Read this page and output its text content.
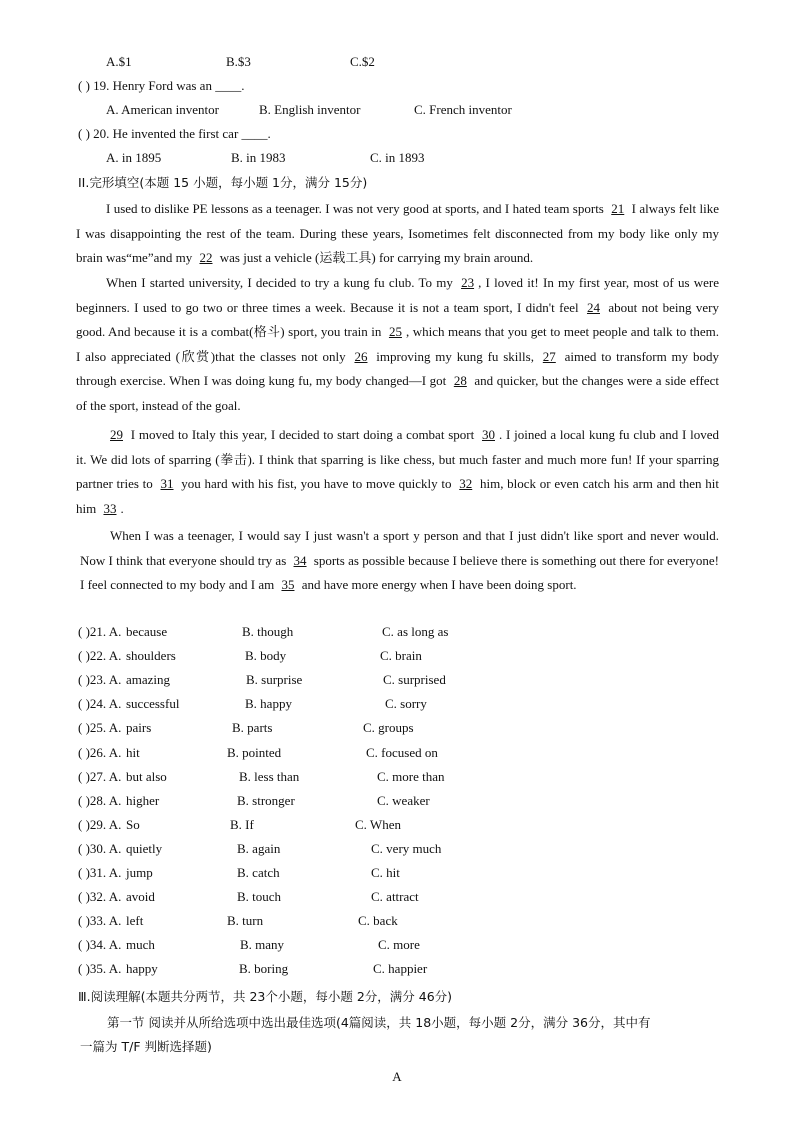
A.$1	B.$3	C.$2
( ) 19. Henry Ford was an ____.
A. American inventor	B. English inventor	C. French inventor
( ) 20. He invented the first car ____.
A. in 1895	B. in 1983	C. in 1893
II.完形填空(本题 15 小题，每小题 1分，满分 15分)
I used to dislike PE lessons as a teenager. I was not very good at sports, and I hated team sports 21 I always felt like I was disappointing the rest of the team. During these years, Isometimes felt disconnected from my body like only my brain was“me”and my 22 was just a vehicle (运载工具) for carrying my brain around.
When I started university, I decided to try a kung fu club. To my 23 , I loved it! In my first year, most of us were beginners. I used to go two or three times a week. Because it is not a team sport, I didn't feel 24 about not being very good. And because it is a combat(格斗) sport, you train in 25 , which means that you get to meet people and talk to them. I also appreciated (欣赏)that the classes not only 26 improving my kung fu skills, 27 aimed to transform my body through exercise. When I was doing kung fu, my body changed—I got 28 and quicker, but the changes were a side effect of the sport, instead of the goal.
29 I moved to Italy this year, I decided to start doing a combat sport 30 . I joined a local kung fu club and I loved it. We did lots of sparring (拳击). I think that sparring is like chess, but much faster and much more fun! If your sparring partner tries to 31 you hard with his fist, you have to move quickly to 32 him, block or even catch his arm and then hit him 33 .
When I was a teenager, I would say I just wasn't a sport y person and that I just didn't like sport and never would. Now I think that everyone should try as 34 sports as possible because I believe there is something out there for everyone! I feel connected to my body and I am 35 and have more energy when I have been doing sport.
( )21. A. because	B. though	C. as long as
( )22. A. shoulders	B. body	C. brain
( )23. A. amazing	B. surprise	C. surprised
( )24. A. successful	B. happy	C. sorry
( )25. A. pairs	B. parts	C. groups
( )26. A. hit	B. pointed	C. focused on
( )27. A. but also	B. less than	C. more than
( )28. A. higher	B. stronger	C. weaker
( )29. A. So	B. If	C. When
( )30. A. quietly	B. again	C. very much
( )31. A. jump	B. catch	C. hit
( )32. A. avoid	B. touch	C. attract
( )33. A. left	B. turn	C. back
( )34. A. much	B. many	C. more
( )35. A. happy	B. boring	C. happier
Ⅲ.阅读理解(本题共分两节，共 23个小题，每小题 2分，满分 46分)
第一节 阅读并从所给选项中选出最佳选项(4篇阅读，共 18小题，每小题 2分，满分 36分，其中有
一篇为 T/F 判断选择题)
A
